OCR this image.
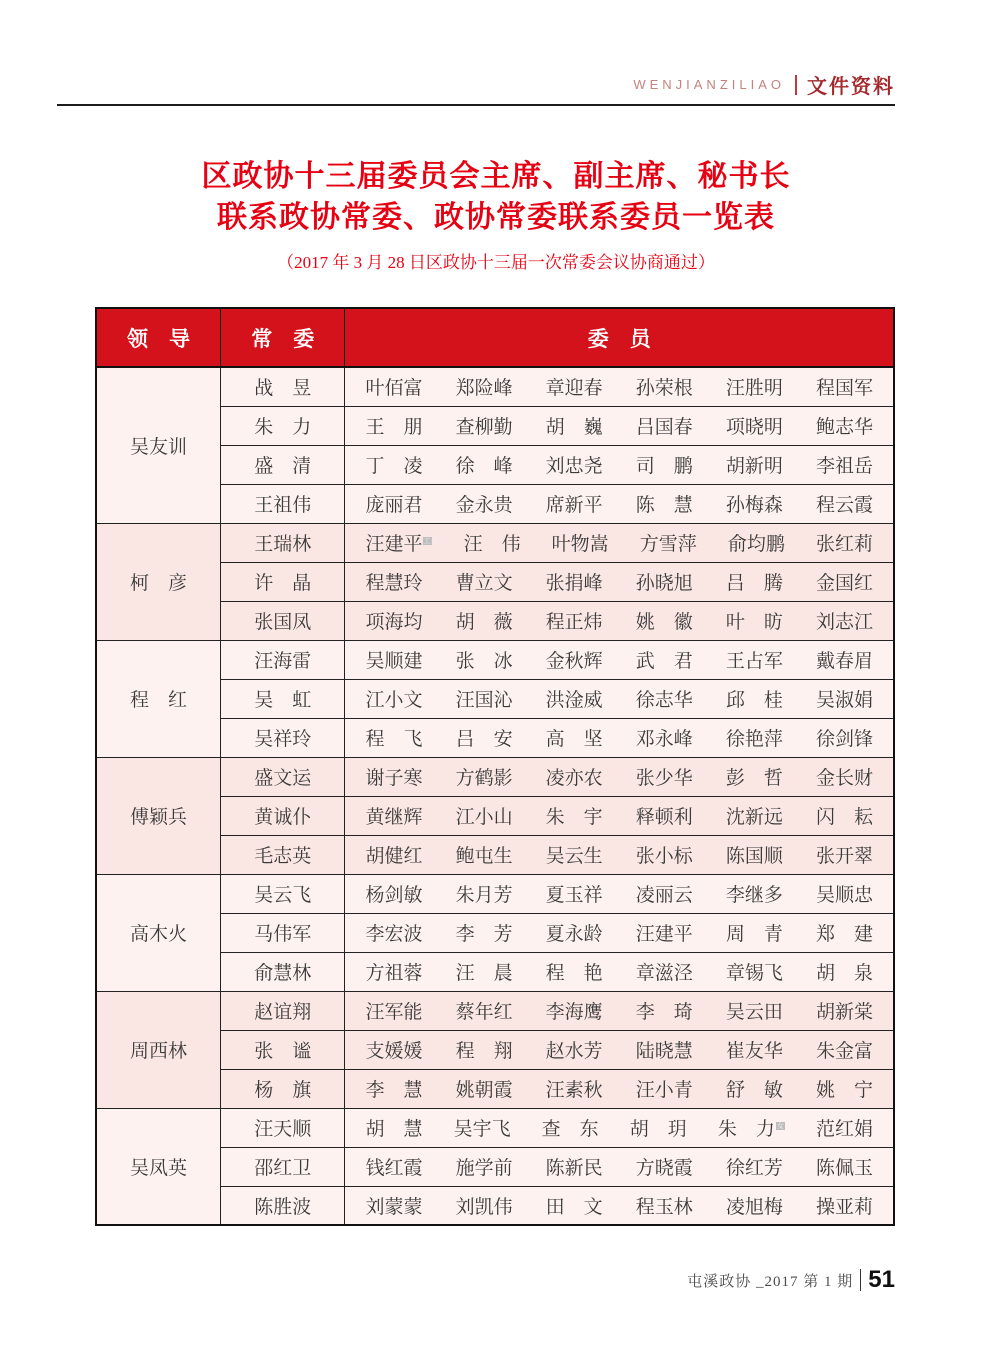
WENJIANZILIAO 文件资料
区政协十三届委员会主席、副主席、秘书长
联系政协常委、政协常委联系委员一览表
（2017 年 3 月 28 日区政协十三届一次常委会议协商通过）
领　导	常　委	委　员
吴友训	战　昱	叶佰富 郑险峰 章迎春 孙荣根 汪胜明 程国军

朱　力	王　朋 查柳勤 胡　巍 吕国春 项晓明 鲍志华

盛　清	丁　凌 徐　峰 刘忠尧 司　鹏 胡新明 李祖岳

王祖伟	庞丽君 金永贵 席新平 陈　慧 孙梅森 程云霞

柯　彦	王瑞林	汪建平$^{工会}$ 汪　伟 叶物嵩 方雪萍 俞均鹏 张红莉

许　晶	程慧玲 曹立文 张捐峰 孙晓旭 吕　腾 金国红

张国凤	项海均 胡　薇 程正炜 姚　徽 叶　昉 刘志江

程　红	汪海雷	吴顺建 张　冰 金秋辉 武　君 王占军 戴春眉

吴　虹	江小文 汪国沁 洪淦威 徐志华 邱　桂 吴淑娟

吴祥玲	程　飞 吕　安 高　坚 邓永峰 徐艳萍 徐剑锋

傅颖兵	盛文运	谢子寒 方鹤影 凌亦农 张少华 彭　哲 金长财

黄诚仆	黄继辉 江小山 朱　宇 释顿利 沈新远 闪　耘

毛志英	胡健红 鲍屯生 吴云生 张小标 陈国顺 张开翠

高木火	吴云飞	杨剑敏 朱月芳 夏玉祥 凌丽云 李继多 吴顺忠

马伟军	李宏波 李　芳 夏永龄 汪建平 周　青 郑　建

俞慧林	方祖蓉 汪　晨 程　艳 章滋泾 章锡飞 胡　泉

周西林	赵谊翔	汪军能 蔡年红 李海鹰 李　琦 吴云田 胡新棠

张　谧	支媛媛 程　翔 赵水芳 陆晓慧 崔友华 朱金富

杨　旗	李　慧 姚朝霞 汪素秋 汪小青 舒　敏 姚　宁

吴凤英	汪天顺	胡　慧 吴宇飞 查　东 胡　玥 朱　力 $^女$ 范红娟

邵红卫	钱红霞 施学前 陈新民 方晓霞 徐红芳 陈佩玉

陈胜波	刘蒙蒙 刘凯伟 田　文 程玉林 凌旭梅 操亚莉
屯溪政协 _2017 第 1 期 51
